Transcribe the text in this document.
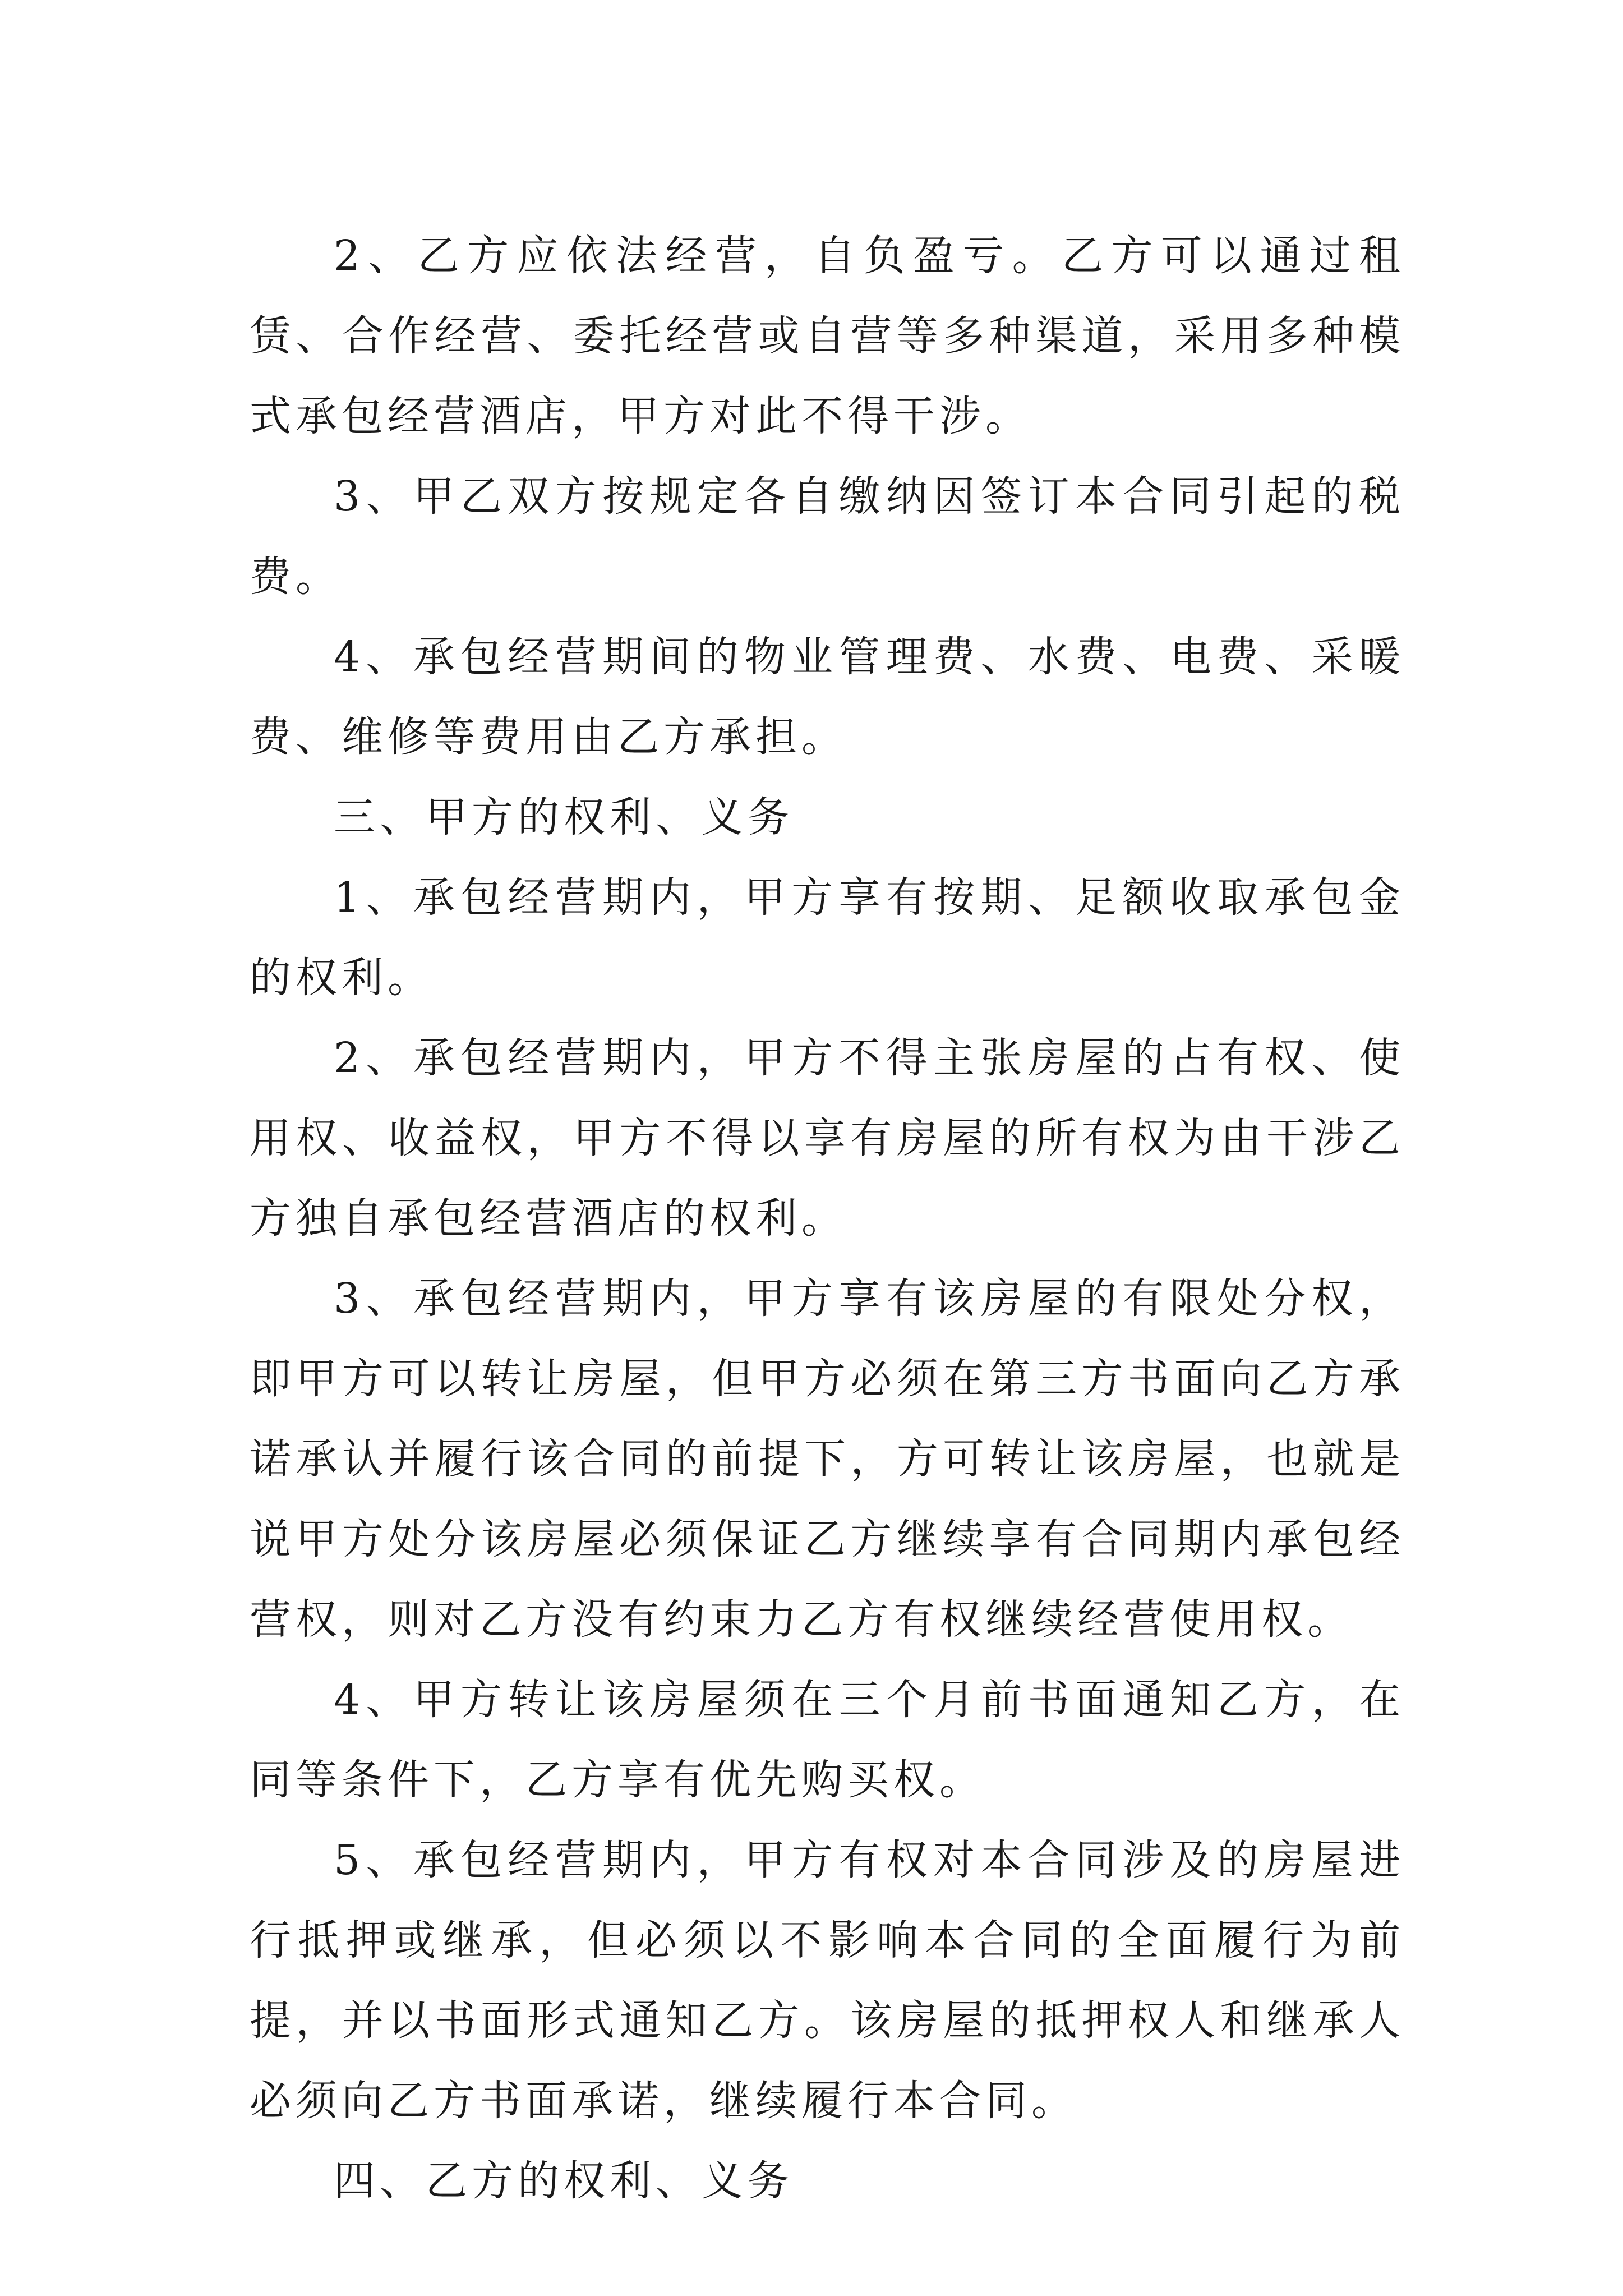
2、乙方应依法经营，自负盈亏。乙方可以通过租赁、合作经营、委托经营或自营等多种渠道，采用多种模式承包经营酒店，甲方对此不得干涉。

3、甲乙双方按规定各自缴纳因签订本合同引起的税费。

4、承包经营期间的物业管理费、水费、电费、采暖费、维修等费用由乙方承担。

三、甲方的权利、义务

1、承包经营期内，甲方享有按期、足额收取承包金的权利。

2、承包经营期内，甲方不得主张房屋的占有权、使用权、收益权，甲方不得以享有房屋的所有权为由干涉乙方独自承包经营酒店的权利。

3、承包经营期内，甲方享有该房屋的有限处分权，即甲方可以转让房屋，但甲方必须在第三方书面向乙方承诺承认并履行该合同的前提下，方可转让该房屋，也就是说甲方处分该房屋必须保证乙方继续享有合同期内承包经营权，则对乙方没有约束力乙方有权继续经营使用权。

4、甲方转让该房屋须在三个月前书面通知乙方，在同等条件下，乙方享有优先购买权。

5、承包经营期内，甲方有权对本合同涉及的房屋进行抵押或继承，但必须以不影响本合同的全面履行为前提，并以书面形式通知乙方。该房屋的抵押权人和继承人必须向乙方书面承诺，继续履行本合同。

四、乙方的权利、义务
